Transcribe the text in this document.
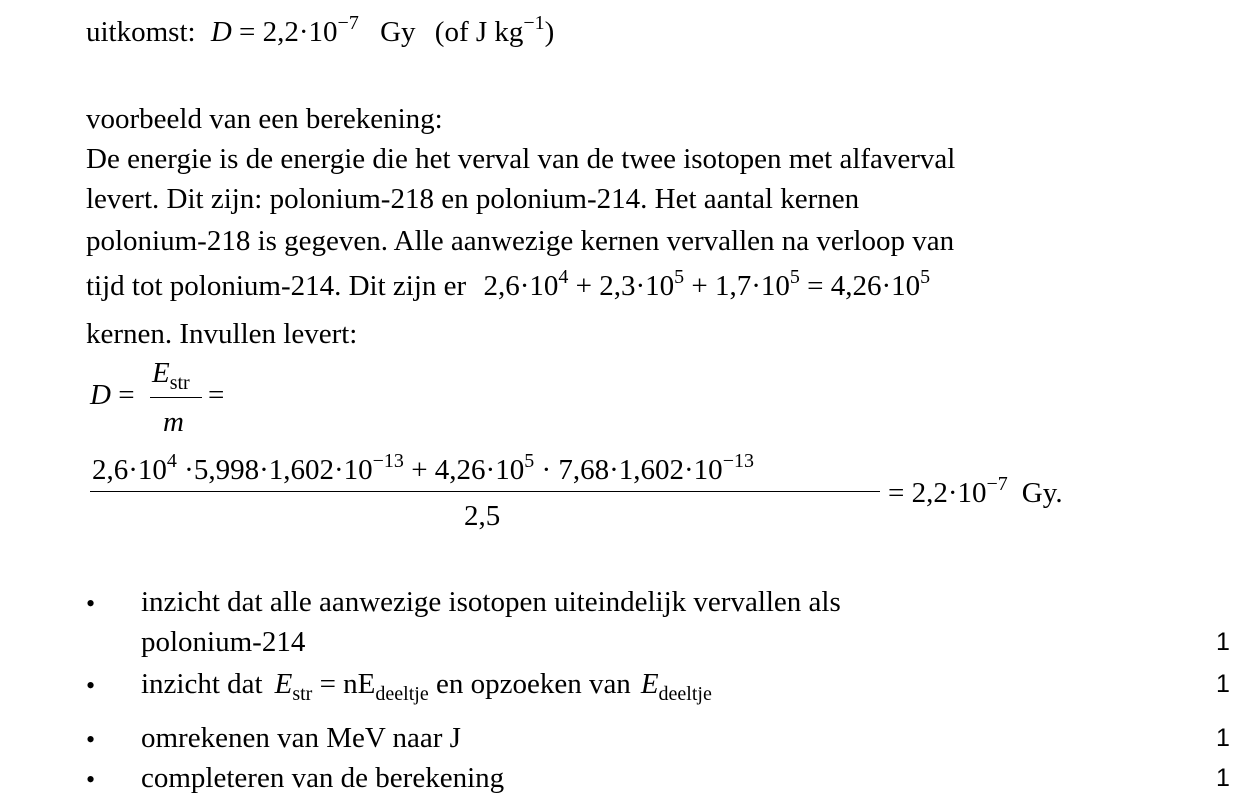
uitkomst: $D = 2,2\cdot 10^{-7}$ Gy (of J $kg^{-1}$)
voorbeeld van een berekening:
De energie is de energie die het verval van de twee isotopen met alfaverval
levert. Dit zijn: polonium-218 en polonium-214. Het aantal kernen
polonium-218 is gegeven. Alle aanwezige kernen vervallen na verloop van
tijd tot polonium-214. Dit zijn er $2,6\cdot 10^4 + 2,3\cdot 10^5 + 1,7\cdot 10^5 = 4,26\cdot 10^5$
kernen. Invullen levert:
D =
$E_{str}$
m
=
$2,6\cdot 10^4 \cdot 5,998\cdot 1,602\cdot 10^{-13} + 4,26\cdot 10^5 \cdot 7,68\cdot 1,602\cdot 10^{-13}$
2,5
= $2,2\cdot 10^{-7}$ Gy.
• inzicht dat alle aanwezige isotopen uiteindelijk vervallen als
polonium-214	1
• inzicht dat $E_{str} = nE_{deeltje}$ en opzoeken van $E_{deeltje}$	1
• omrekenen van MeV naar J	1
• completeren van de berekening	1
